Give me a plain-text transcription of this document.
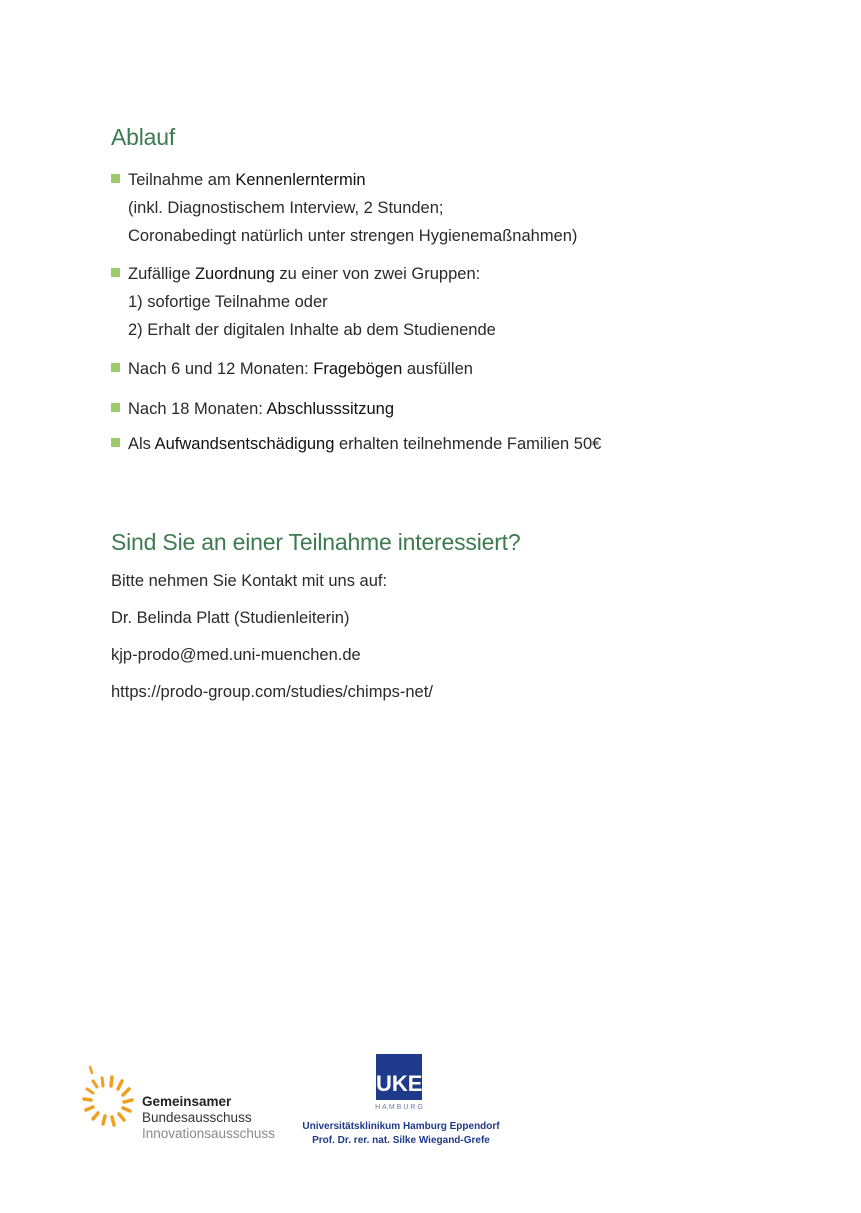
Ablauf
Teilnahme am Kennenlerntermin
(inkl. Diagnostischem Interview, 2 Stunden;
Coronabedingt natürlich unter strengen Hygienemaßnahmen)
Zufällige Zuordnung zu einer von zwei Gruppen:
1) sofortige Teilnahme oder
2) Erhalt der digitalen Inhalte ab dem Studienende
Nach 6 und 12 Monaten: Fragebögen ausfüllen
Nach 18 Monaten: Abschlusssitzung
Als Aufwandsentschädigung erhalten teilnehmende Familien 50€
Sind Sie an einer Teilnahme interessiert?

Bitte nehmen Sie Kontakt mit uns auf:

Dr. Belinda Platt (Studienleiterin)

kjp-prodo@med.uni-muenchen.de

https://prodo-group.com/studies/chimps-net/

Gemeinsamer
Bundesausschuss
Innovationsausschuss
UKE
HAMBURG
Universitätsklinikum Hamburg Eppendorf
Prof. Dr. rer. nat. Silke Wiegand-Grefe
